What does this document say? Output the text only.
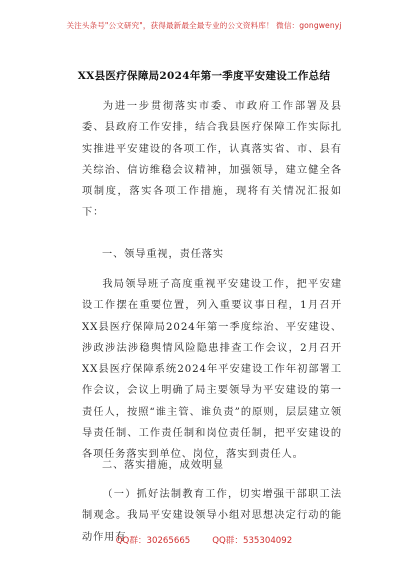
关注头条号"公文研究"，获得最新最全最专业的公文资料库！ 微信：gongwenyj
XX县医疗保障局2024年第一季度平安建设工作总结

为进一步贯彻落实市委、市政府工作部署及县委、县政府工作安排，结合我县医疗保障工作实际扎实推进平安建设的各项工作，认真落实省、市、县有关综治、信访维稳会议精神，加强领导，建立健全各项制度，落实各项工作措施，现将有关情况汇报如下：

一、领导重视，责任落实

我局领导班子高度重视平安建设工作，把平安建设工作摆在重要位置，列入重要议事日程，1月召开XX县医疗保障局2024年第一季度综治、平安建设、涉政涉法涉稳舆情风险隐患排查工作会议，2月召开XX县医疗保障系统2024年平安建设工作年初部署工作会议，会议上明确了局主要领导为平安建设的第一责任人，按照“谁主管、谁负责”的原则，层层建立领导责任制、工作责任制和岗位责任制，把平安建设的各项任务落实到单位、岗位，落实到责任人。

二、落实措施，成效明显

（一）抓好法制教育工作，切实增强干部职工法制观念。我局平安建设领导小组对思想决定行动的能动作用有

QQ群：30265665	QQ群：535304092
